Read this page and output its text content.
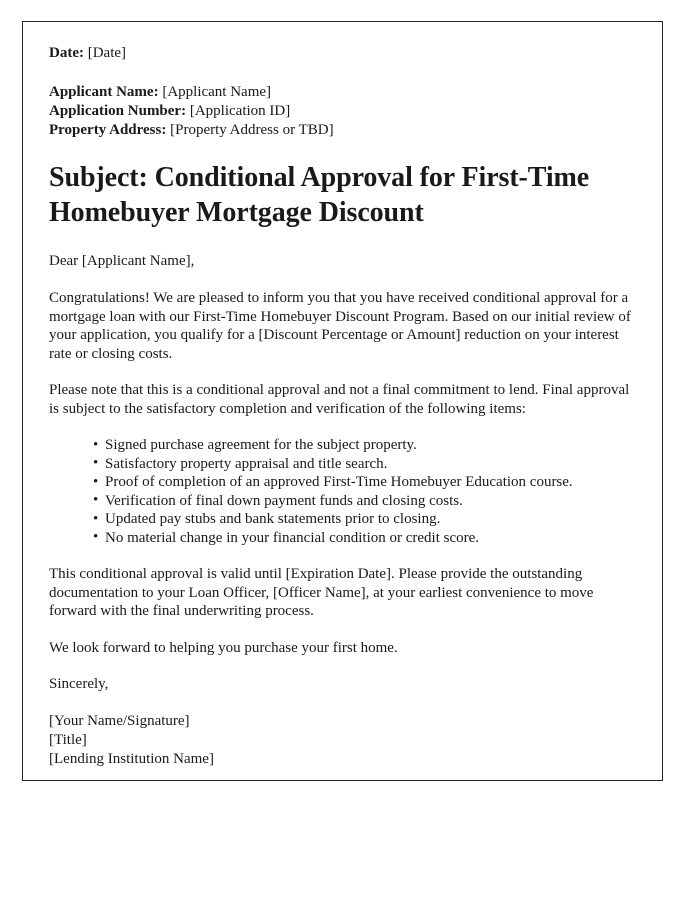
Date: [Date]

Applicant Name: [Applicant Name]
Application Number: [Application ID]
Property Address: [Property Address or TBD]
Subject: Conditional Approval for First-Time Homebuyer Mortgage Discount

Dear [Applicant Name],

Congratulations! We are pleased to inform you that you have received conditional approval for a mortgage loan with our First-Time Homebuyer Discount Program. Based on our initial review of your application, you qualify for a [Discount Percentage or Amount] reduction on your interest rate or closing costs.

Please note that this is a conditional approval and not a final commitment to lend. Final approval is subject to the satisfactory completion and verification of the following items:

• Signed purchase agreement for the subject property.
• Satisfactory property appraisal and title search.
• Proof of completion of an approved First-Time Homebuyer Education course.
• Verification of final down payment funds and closing costs.
• Updated pay stubs and bank statements prior to closing.
• No material change in your financial condition or credit score.

This conditional approval is valid until [Expiration Date]. Please provide the outstanding documentation to your Loan Officer, [Officer Name], at your earliest convenience to move forward with the final underwriting process.

We look forward to helping you purchase your first home.

Sincerely,

[Your Name/Signature]
[Title]
[Lending Institution Name]
